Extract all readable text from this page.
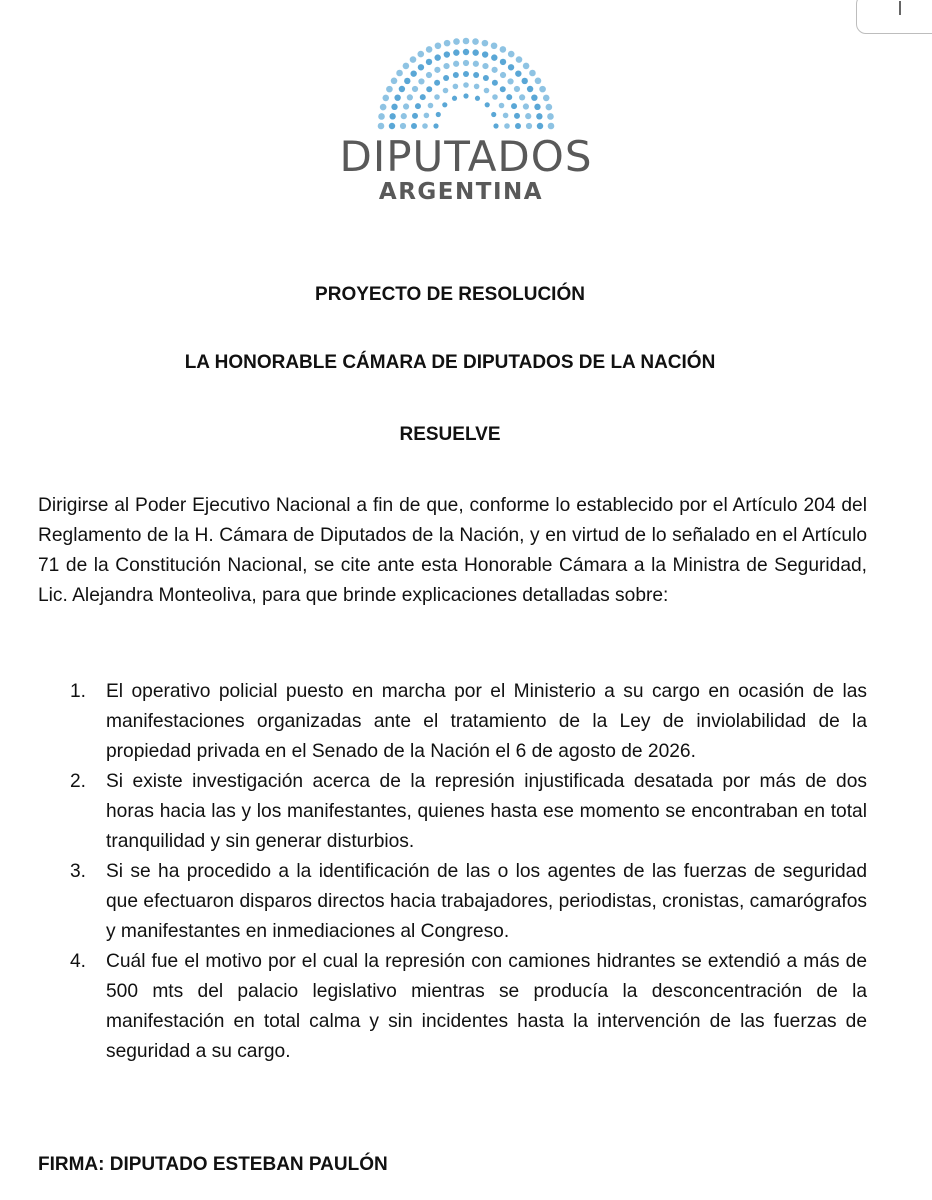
DIPUTADOS
ARGENTINA
PROYECTO DE RESOLUCIÓN
LA HONORABLE CÁMARA DE DIPUTADOS DE LA NACIÓN
RESUELVE
Dirigirse al Poder Ejecutivo Nacional a fin de que, conforme lo establecido por el Artículo 204 del Reglamento de la H. Cámara de Diputados de la Nación, y en virtud de lo señalado en el Artículo 71 de la Constitución Nacional, se cite ante esta Honorable Cámara a la Ministra de Seguridad, Lic. Alejandra Monteoliva, para que brinde explicaciones detalladas sobre:
1. El operativo policial puesto en marcha por el Ministerio a su cargo en ocasión de las manifestaciones organizadas ante el tratamiento de la Ley de inviolabilidad de la propiedad privada en el Senado de la Nación el 6 de agosto de 2026.
2. Si existe investigación acerca de la represión injustificada desatada por más de dos horas hacia las y los manifestantes, quienes hasta ese momento se encontraban en total tranquilidad y sin generar disturbios.
3. Si se ha procedido a la identificación de las o los agentes de las fuerzas de seguridad que efectuaron disparos directos hacia trabajadores, periodistas, cronistas, camarógrafos y manifestantes en inmediaciones al Congreso.
4. Cuál fue el motivo por el cual la represión con camiones hidrantes se extendió a más de 500 mts del palacio legislativo mientras se producía la desconcentración de la manifestación en total calma y sin incidentes hasta la intervención de las fuerzas de seguridad a su cargo.
FIRMA: DIPUTADO ESTEBAN PAULÓN
